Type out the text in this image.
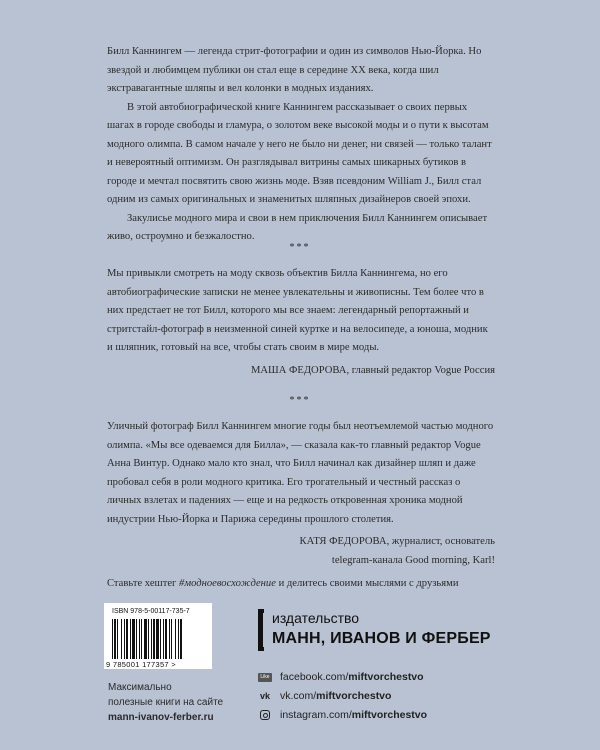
Билл Каннингем — легенда стрит-фотографии и один из символов Нью-Йорка. Но звездой и любимцем публики он стал еще в середине XX века, когда шил экстравагантные шляпы и вел колонки в модных изданиях.

В этой автобиографической книге Каннингем рассказывает о своих первых шагах в городе свободы и гламура, о золотом веке высокой моды и о пути к высотам модного олимпа. В самом начале у него не было ни денег, ни связей — только талант и невероятный оптимизм. Он разглядывал витрины самых шикарных бутиков в городе и мечтал посвятить свою жизнь моде. Взяв псевдоним William J., Билл стал одним из самых оригинальных и знаменитых шляпных дизайнеров своей эпохи.

Закулисье модного мира и свои в нем приключения Билл Каннингем описывает живо, остроумно и безжалостно.

***

Мы привыкли смотреть на моду сквозь объектив Билла Каннингема, но его автобиографические записки не менее увлекательны и живописны. Тем более что в них предстает не тот Билл, которого мы все знаем: легендарный репортажный и стритстайл-фотограф в неизменной синей куртке и на велосипеде, а юноша, модник и шляпник, готовый на все, чтобы стать своим в мире моды.

МАША ФЕДОРОВА, главный редактор Vogue Россия

***

Уличный фотограф Билл Каннингем многие годы был неотъемлемой частью модного олимпа. «Мы все одеваемся для Билла», — сказала как-то главный редактор Vogue Анна Винтур. Однако мало кто знал, что Билл начинал как дизайнер шляп и даже пробовал себя в роли модного критика. Его трогательный и честный рассказ о личных взлетах и падениях — еще и на редкость откровенная хроника модной индустрии Нью-Йорка и Парижа середины прошлого столетия.

КАТЯ ФЕДОРОВА, журналист, основатель
telegram-канала Good morning, Karl!

Ставьте хештег #модноевосхождение и делитесь своими мыслями с друзьями
ISBN 978-5-00117-735-7
9 785001 177357 >
Максимально
полезные книги на сайте
mann-ivanov-ferber.ru
издательство
МАНН, ИВАНОВ И ФЕРБЕР
Like facebook.com/ miftvorchestvo
vk vk.com/ miftvorchestvo
instagram.com/ miftvorchestvo
